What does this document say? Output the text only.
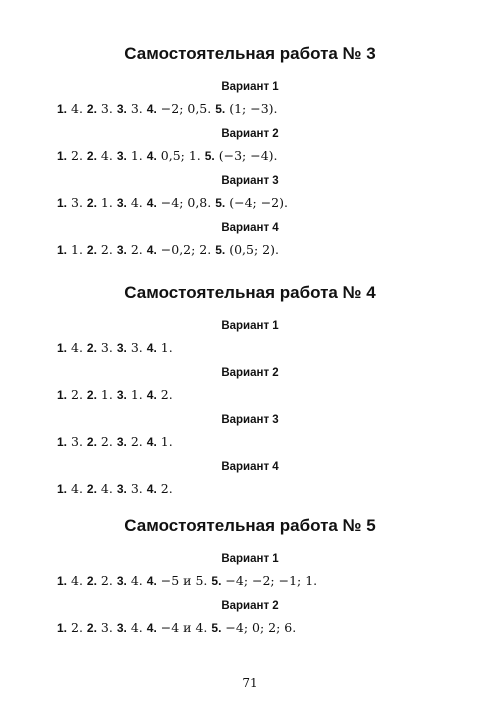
Самостоятельная работа № 3
Вариант 1
1. 4. 2. 3. 3. 3. 4. −2; 0,5. 5. (1; −3).
Вариант 2
1. 2. 2. 4. 3. 1. 4. 0,5; 1. 5. (−3; −4).
Вариант 3
1. 3. 2. 1. 3. 4. 4. −4; 0,8. 5. (−4; −2).
Вариант 4
1. 1. 2. 2. 3. 2. 4. −0,2; 2. 5. (0,5; 2).
Самостоятельная работа № 4
Вариант 1
1. 4. 2. 3. 3. 3. 4. 1.
Вариант 2
1. 2. 2. 1. 3. 1. 4. 2.
Вариант 3
1. 3. 2. 2. 3. 2. 4. 1.
Вариант 4
1. 4. 2. 4. 3. 3. 4. 2.
Самостоятельная работа № 5
Вариант 1
1. 4. 2. 2. 3. 4. 4. −5 и 5. 5. −4; −2; −1; 1.
Вариант 2
1. 2. 2. 3. 3. 4. 4. −4 и 4. 5. −4; 0; 2; 6.
71
